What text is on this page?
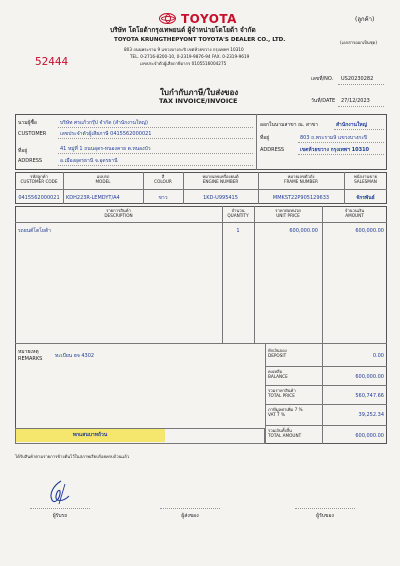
TOYOTA
บริษัท โตโยต้ากรุงเทพยนต์ ผู้จำหน่ายโตโยต้า จำกัด
TOYOTA KRUNGTHEPYONT TOYOTA'S DEALER CO., LTD.
803 ถนนพระราม 9 แขวงบางกะปิ เขตห้วยขวาง กรุงเทพฯ 10310
TEL. 0-2716-8200-10, 0-2319-9876-94 FAX. 0-2319-9619
เลขประจำตัวผู้เสียภาษีอากร 0105516004275
(ลูกค้า)
(เอกสารออกเป็นชุด)
52444
เลขที่/NO. US20230282
ใบกำกับภาษี/ใบส่งของ
TAX INVOICE/INVOICE	วันที่/DATE 27/12/2023
นามผู้ซื้อ
CUSTOMER
บริษัท ศรแก้วกรุ๊ป จำกัด (สำนักงานใหญ่)
เลขประจำตัวผู้เสียภาษี 0415562000021
ที่อยู่
ADDRESS
41 หมู่ที่ 1 ถนนอุดร-หนองคาย ต.หนองบัว
อ.เมืองอุดรธานี จ.อุดรธานี
ออกในนามสาขา ณ. สาขา	สำนักงานใหญ่
ที่อยู่
ADDRESS
803 ถ.พระราม9 แขวงบางกะปิ
เขตห้วยขวาง กรุงเทพฯ 10310
รหัสลูกค้า
CUSTOMER CODE
แบบรถ
MODEL
สี
COLOUR
หมายเลขเครื่องยนต์
ENGINE NUMBER
หมายเลขตัวถัง
FRAME NUMBER
พนักงานขาย
SALESMAN
0415562000021	KDH223R-LEMDYT/A4	ขาว	1KD-U995415	MMKST22P905129633	จักรพันธ์
รายการสินค้า
DESCRIPTION
จำนวน
QUANTITY
ราคาต่อหน่วย
UNIT PRICE
จำนวนเงิน
AMOUNT
รถยนต์โตโยต้า	1	600,000.00	600,000.00
หมายเหตุ
REMARKS	ทะเบียน ฮจ 4302
หกแสนบาทถ้วน
หักเงินจอง
DEPOSIT	0.00
คงเหลือ
BALANCE	600,000.00
รวมราคาสินค้า
TOTAL PRICE	560,747.66
ภาษีมูลค่าเพิ่ม 7 %
VAT 7 %	39,252.34
รวมเงินทั้งสิ้น
TOTAL AMOUNT	600,000.00
ได้รับสินค้าตามรายการข้างต้นไว้ในสภาพเรียบร้อยครบถ้วนแล้ว
ผู้รับรถ	ผู้ส่งของ	ผู้รับของ
